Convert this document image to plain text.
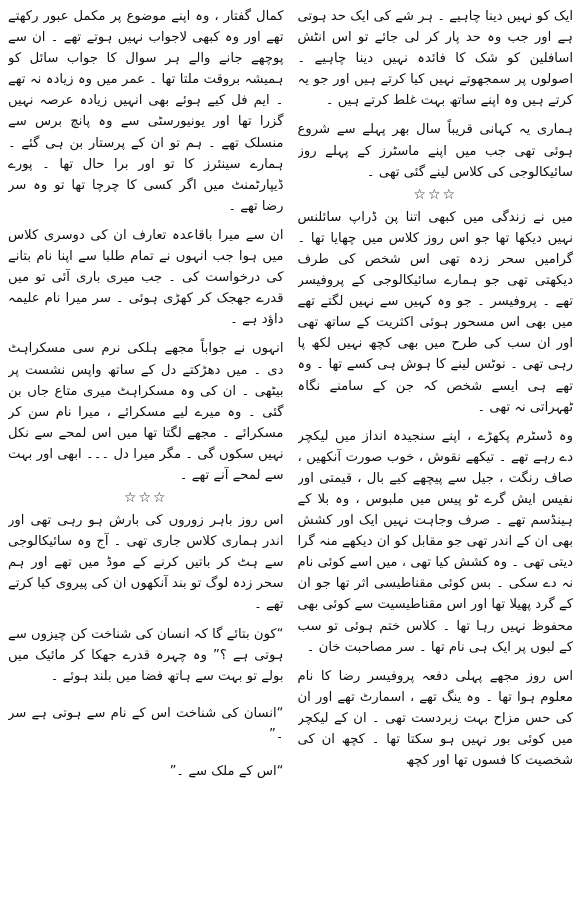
ایک کو نہیں دینا چاہیے ۔ ہر شے کی ایک حد ہوتی ہے اور جب وہ حد پار کر لی جائے تو اس انٹش اسافلین کو شک کا فائدہ نہیں دینا چاہیے ۔ اصولوں پر سمجھوتے نہیں کیا کرتے ہیں اور جو یہ کرتے ہیں وہ اپنے ساتھ بہت غلط کرتے ہیں ۔

ہماری یہ کہانی قریباً سال بھر پہلے سے شروع ہوئی تھی جب میں اپنے ماسٹرز کے پہلے روز سائیکالوجی کی کلاس لینے گئی تھی ۔

☆☆☆

میں نے زندگی میں کبھی اتنا پن ڈراپ سائلنس نہیں دیکھا تھا جو اس روز کلاس میں چھایا تھا ۔ گرامیں سحر زدہ تھی اس شخص کی طرف دیکھتی تھی جو ہمارے سائیکالوجی کے پروفیسر تھے ۔ پروفیسر ۔ جو وہ کہیں سے نہیں لگتے تھے میں بھی اس مسحور ہوئی اکثریت کے ساتھ تھی اور ان سب کی طرح میں بھی کچھ نہیں لکھ پا رہی تھی ۔ نوٹس لینے کا ہوش ہی کسے تھا ۔ وہ تھے ہی ایسے شخص کہ جن کے سامنے نگاہ ٹھہراتی نہ تھی ۔

وہ ڈسٹرم پکھڑے ، اپنے سنجیدہ انداز میں لیکچر دے رہے تھے ۔ تیکھے نقوش ، خوب صورت آنکھیں ، صاف رنگت ، جیل سے پیچھے کیے بال ، قیمتی اور نفیس ایش گرے ٹو پیس میں ملبوس ، وہ بلا کے ہینڈسم تھے ۔ صرف وجاہت نہیں ایک اور کشش بھی ان کے اندر تھی جو مقابل کو ان دیکھے منہ گرا دیتی تھی ۔ وہ کشش کیا تھی ، میں اسے کوئی نام نہ دے سکی ۔ بس کوئی مقناطیسی اثر تھا جو ان کے گرد پھیلا تھا اور اس مقناطیسیت سے کوئی بھی محفوظ نہیں رہا تھا ۔ کلاس ختم ہوئی تو سب کے لبوں پر ایک ہی نام تھا ۔ سر مصاحبت خان ۔

اس روز مجھے پہلی دفعہ پروفیسر رضا کا نام معلوم ہوا تھا ۔ وہ ینگ تھے ، اسمارٹ تھے اور ان کی حس مزاح بہت زبردست تھی ۔ ان کے لیکچر میں کوئی بور نہیں ہو سکتا تھا ۔ کچھ ان کی شخصیت کا فسوں تھا اور کچھ

کمال گفتار ، وہ اپنے موضوع پر مکمل عبور رکھتے تھے اور وہ کبھی لاجواب نہیں ہوتے تھے ۔ ان سے پوچھے جانے والے ہر سوال کا جواب سائل کو ہمیشہ بروقت ملتا تھا ۔ عمر میں وہ زیادہ نہ تھے ۔ ایم فل کیے ہوئے بھی انہیں زیادہ عرصہ نہیں گزرا تھا اور یونیورسٹی سے وہ پانچ برس سے منسلک تھے ۔ ہم تو ان کے پرستار بن ہی گئے ۔ ہمارے سینئرز کا تو اور برا حال تھا ۔ پورے ڈیپارٹمنٹ میں اگر کسی کا چرچا تھا تو وہ سر رضا تھے ۔

ان سے میرا باقاعدہ تعارف ان کی دوسری کلاس میں ہوا جب انہوں نے تمام طلبا سے اپنا نام بتانے کی درخواست کی ۔ جب میری باری آئی تو میں قدرے جھجک کر کھڑی ہوئی ۔ سر میرا نام علیمہ داؤد ہے ۔

انہوں نے جواباً مجھے ہلکی نرم سی مسکراہٹ دی ۔ میں دھڑکتے دل کے ساتھ واپس نشست پر بیٹھی ۔ ان کی وہ مسکراہٹ میری متاع جاں بن گئی ۔ وہ میرے لیے مسکرائے ، میرا نام سن کر مسکرائے ۔ مجھے لگتا تھا میں اس لمحے سے نکل نہیں سکوں گی ۔ مگر میرا دل ۔۔۔ ابھی اور بہت سے لمحے آنے تھے ۔

☆☆☆

اس روز باہر زوروں کی بارش ہو رہی تھی اور اندر ہماری کلاس جاری تھی ۔ آج وہ سائیکالوجی سے ہٹ کر باتیں کرنے کے موڈ میں تھے اور ہم سحر زدہ لوگ تو بند آنکھوں ان کی پیروی کیا کرتے تھے ۔

“کون بتائے گا کہ انسان کی شناخت کن چیزوں سے ہوتی ہے ؟” وہ چہرہ قدرے جھکا کر مائیک میں بولے تو بہت سے ہاتھ فضا میں بلند ہوئے ۔

“انسان کی شناخت اس کے نام سے ہوتی ہے سر ۔”

“اس کے ملک سے ۔”
